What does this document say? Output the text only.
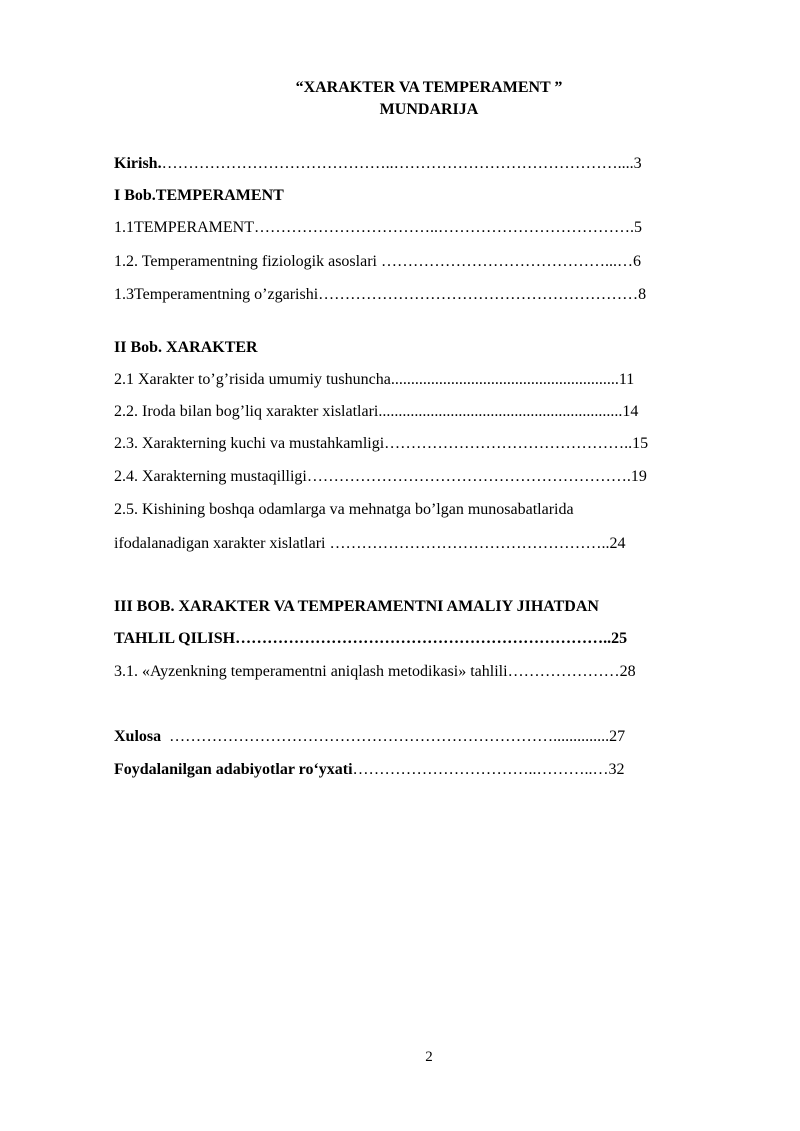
“XARAKTER VA TEMPERAMENT ”
MUNDARIJA
Kirish.……………………………………..……………………………………....3
I Bob.TEMPERAMENT
1.1TEMPERAMENT……………………………..……………………………….5
1.2. Temperamentning fiziologik asoslari ……………………………………...…6
1.3Temperamentning o’zgarishi……………………………………………………8
II Bob. XARAKTER
2.1 Xarakter to’g’risida umumiy tushuncha.........................................................11
2.2. Iroda bilan bog’liq xarakter xislatlari.............................................................14
2.3. Xarakterning kuchi va mustahkamligi………………………………………..15
2.4. Xarakterning mustaqilligi…………………………………………………….19
2.5. Kishining boshqa odamlarga va mehnatga bo’lgan munosabatlarida
ifodalanadigan xarakter xislatlari ……………………………………………..24
III BOB. XARAKTER VA TEMPERAMENTNI AMALIY JIHATDAN
TAHLIL QILISH……………………………………………………………..25
3.1. «Ayzenkning temperamentni aniqlash metodikasi» tahlili…………………28
Xulosa  ………………………………………………………………..............27
Foydalanilgan adabiyotlar ro‘yxati……………………………..………..…32
2
